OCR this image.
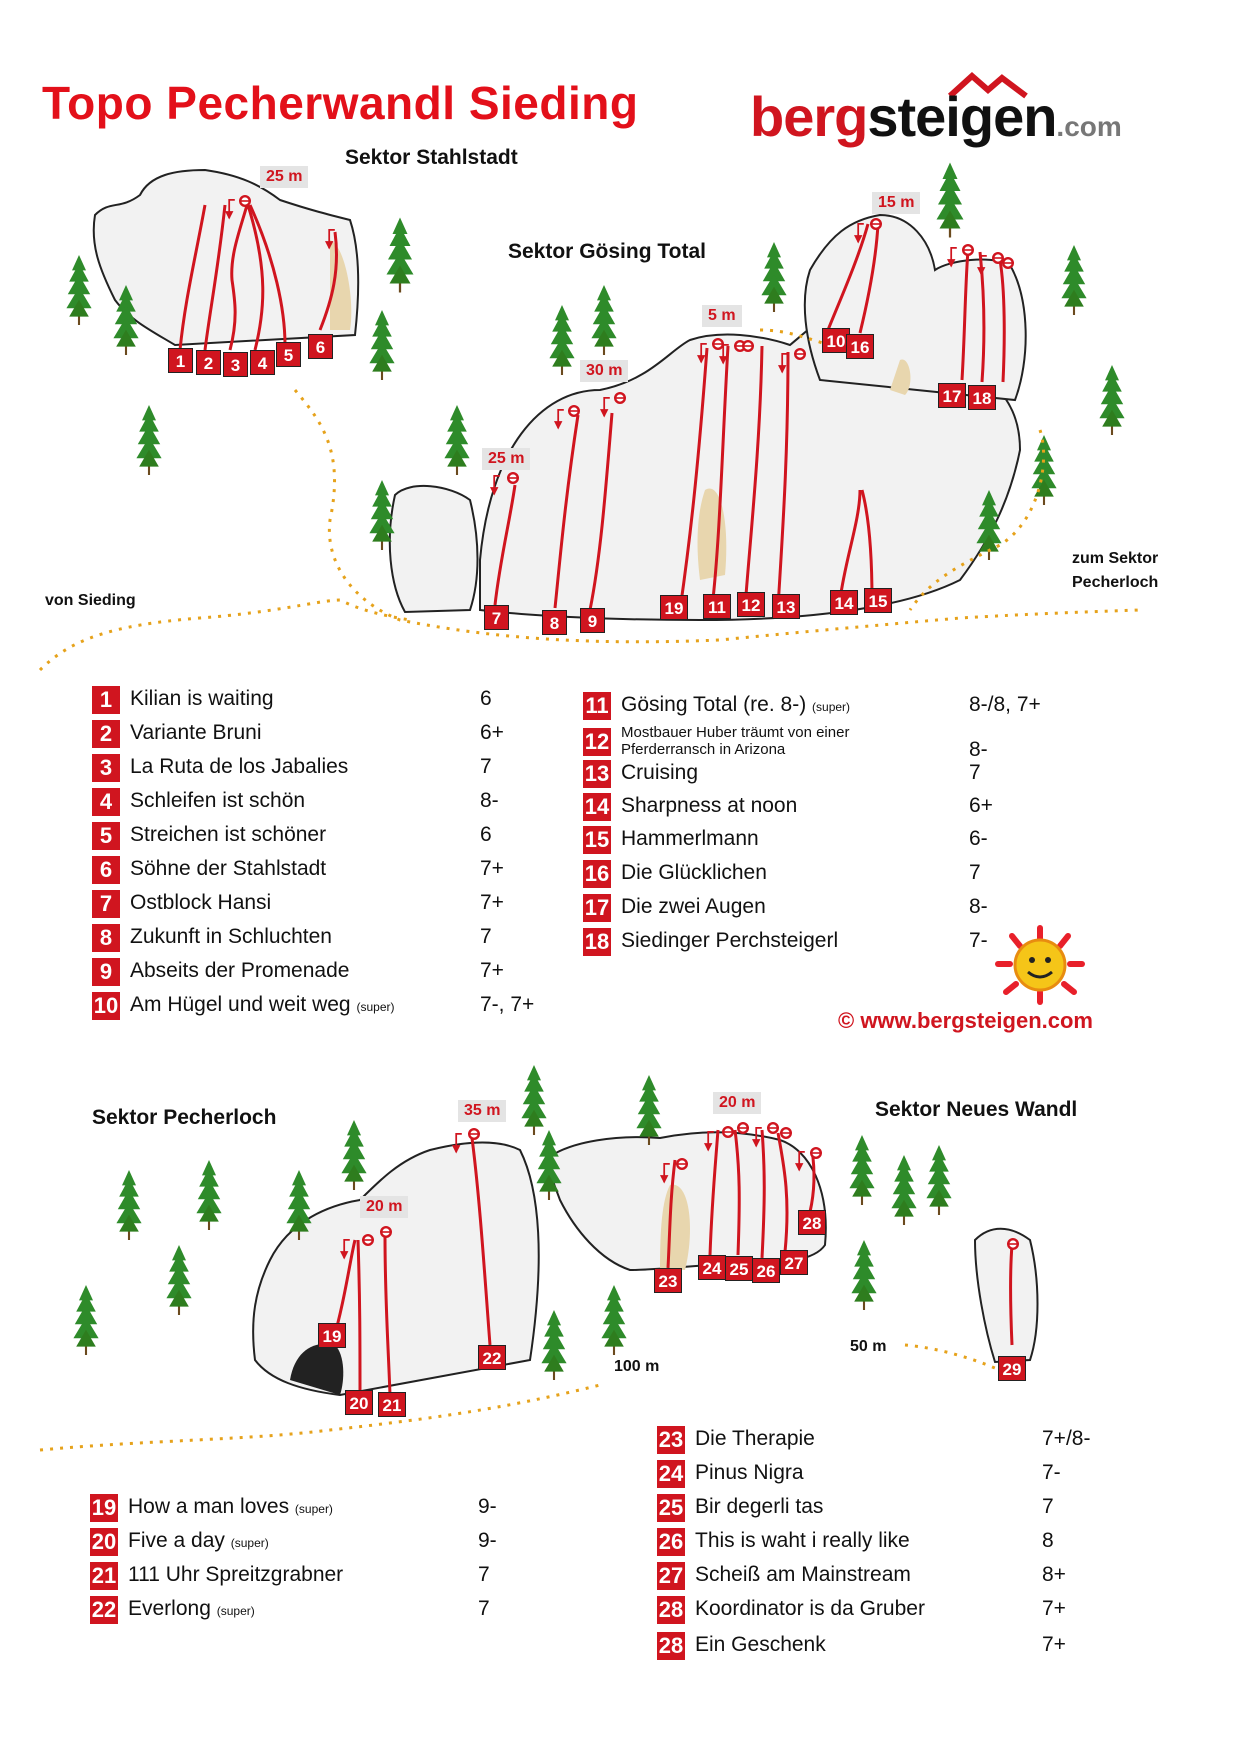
Topo Pecherwandl Sieding bergsteigen.com
Sektor Stahlstadt
Sektor Gösing Total
Sektor Pecherloch	Sektor Neues Wandl
von Sieding
zum Sektor
Pecherloch
100 m
50 m
25 m
15 m
5 m
30 m
25 m
35 m
20 m
20 m
1	2	3	4 5	6
7	8	9
10
11 12 13 14 15
16
17 18
19
19
20 21
22
23
24 25 26 27
28
29
1 Kilian is waiting	6
2 Variante Bruni	6+
3 La Ruta de los Jabalies	7
4 Schleifen ist schön	8-
5 Streichen ist schöner	6
6 Söhne der Stahlstadt	7+
7 Ostblock Hansi	7+
8 Zukunft in Schluchten	7
9 Abseits der Promenade	7+
10 Am Hügel und weit weg (super)	7-, 7+
11 Gösing Total (re. 8-) (super)	8-/8, 7+
12 Mostbauer Huber träumt von einer
Pferderransch in Arizona	8-
13 Cruising	7
14 Sharpness at noon	6+
15 Hammerlmann	6-
16 Die Glücklichen	7
17 Die zwei Augen	8-
18 Siedinger Perchsteigerl	7-
© www.bergsteigen.com
19 How a man loves (super)	9-
20 Five a day (super)	9-
21 111 Uhr Spreitzgrabner	7
22 Everlong (super)	7
23 Die Therapie	7+/8-
24 Pinus Nigra	7-
25 Bir degerli tas	7
26 This is waht i really like	8
27 Scheiß am Mainstream	8+
28 Koordinator is da Gruber	7+
28 Ein Geschenk	7+
